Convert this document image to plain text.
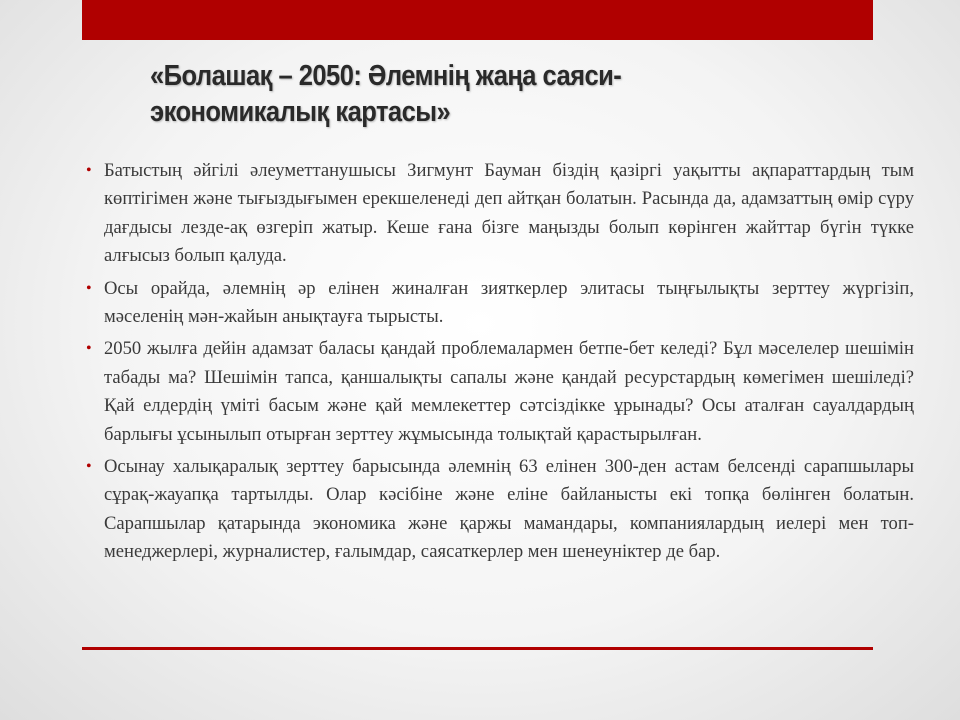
«Болашақ – 2050: Әлемнің жаңа саяси-
экономикалық картасы»
• Батыстың әйгілі әлеуметтанушысы Зигмунт Бауман біздің қазіргі уақытты ақпараттардың тым көптігімен және тығыздығымен ерекшеленеді деп айтқан болатын. Расында да, адамзаттың өмір сүру дағдысы лезде-ақ өзгеріп жатыр. Кеше ғана бізге маңызды болып көрінген жайттар бүгін түкке алғысыз болып қалуда.
• Осы орайда, әлемнің әр елінен жиналған зияткерлер элитасы тыңғылықты зерттеу жүргізіп, мәселенің мән-жайын анықтауға тырысты.
• 2050 жылға дейін адамзат баласы қандай проблемалармен бетпе-бет келеді? Бұл мәселелер шешімін табады ма? Шешімін тапса, қаншалықты сапалы және қандай ресурстардың көмегімен шешіледі? Қай елдердің үміті басым және қай мемлекеттер сәтсіздікке ұрынады? Осы аталған сауалдардың барлығы ұсынылып отырған зерттеу жұмысында толықтай қарастырылған.
• Осынау халықаралық зерттеу барысында әлемнің 63 елінен 300-ден астам белсенді сарапшылары сұрақ-жауапқа тартылды. Олар кәсібіне және еліне байланысты екі топқа бөлінген болатын. Сарапшылар қатарында экономика және қаржы мамандары, компаниялардың иелері мен топ-менеджерлері, журналистер, ғалымдар, саясаткерлер мен шенеуніктер де бар.
